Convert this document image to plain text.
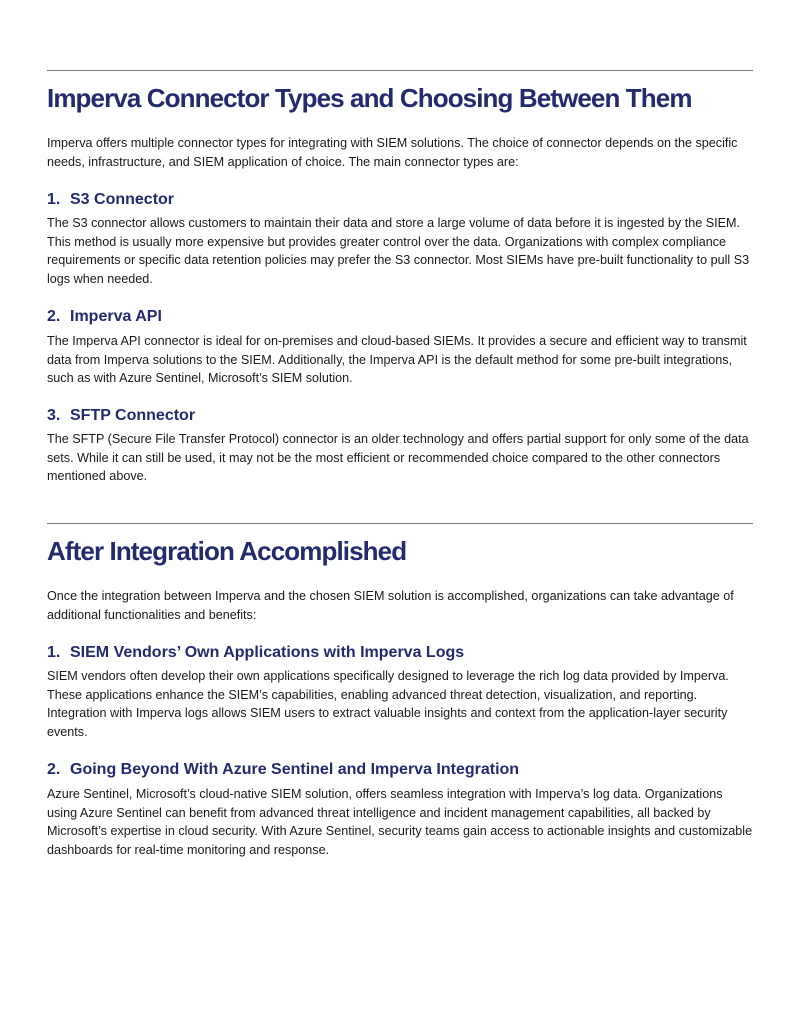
Imperva Connector Types and Choosing Between Them

Imperva offers multiple connector types for integrating with SIEM solutions. The choice of connector depends on the specific needs, infrastructure, and SIEM application of choice. The main connector types are:

1. S3 Connector

The S3 connector allows customers to maintain their data and store a large volume of data before it is ingested by the SIEM. This method is usually more expensive but provides greater control over the data. Organizations with complex compliance requirements or specific data retention policies may prefer the S3 connector. Most SIEMs have pre-built functionality to pull S3 logs when needed.

2. Imperva API

The Imperva API connector is ideal for on-premises and cloud-based SIEMs. It provides a secure and efficient way to transmit data from Imperva solutions to the SIEM. Additionally, the Imperva API is the default method for some pre-built integrations, such as with Azure Sentinel, Microsoft’s SIEM solution.

3. SFTP Connector

The SFTP (Secure File Transfer Protocol) connector is an older technology and offers partial support for only some of the data sets. While it can still be used, it may not be the most efficient or recommended choice compared to the other connectors mentioned above.

After Integration Accomplished

Once the integration between Imperva and the chosen SIEM solution is accomplished, organizations can take advantage of additional functionalities and benefits:

1. SIEM Vendors’ Own Applications with Imperva Logs

SIEM vendors often develop their own applications specifically designed to leverage the rich log data provided by Imperva. These applications enhance the SIEM’s capabilities, enabling advanced threat detection, visualization, and reporting. Integration with Imperva logs allows SIEM users to extract valuable insights and context from the application-layer security events.

2. Going Beyond With Azure Sentinel and Imperva Integration

Azure Sentinel, Microsoft’s cloud-native SIEM solution, offers seamless integration with Imperva’s log data. Organizations using Azure Sentinel can benefit from advanced threat intelligence and incident management capabilities, all backed by Microsoft’s expertise in cloud security. With Azure Sentinel, security teams gain access to actionable insights and customizable dashboards for real-time monitoring and response.
